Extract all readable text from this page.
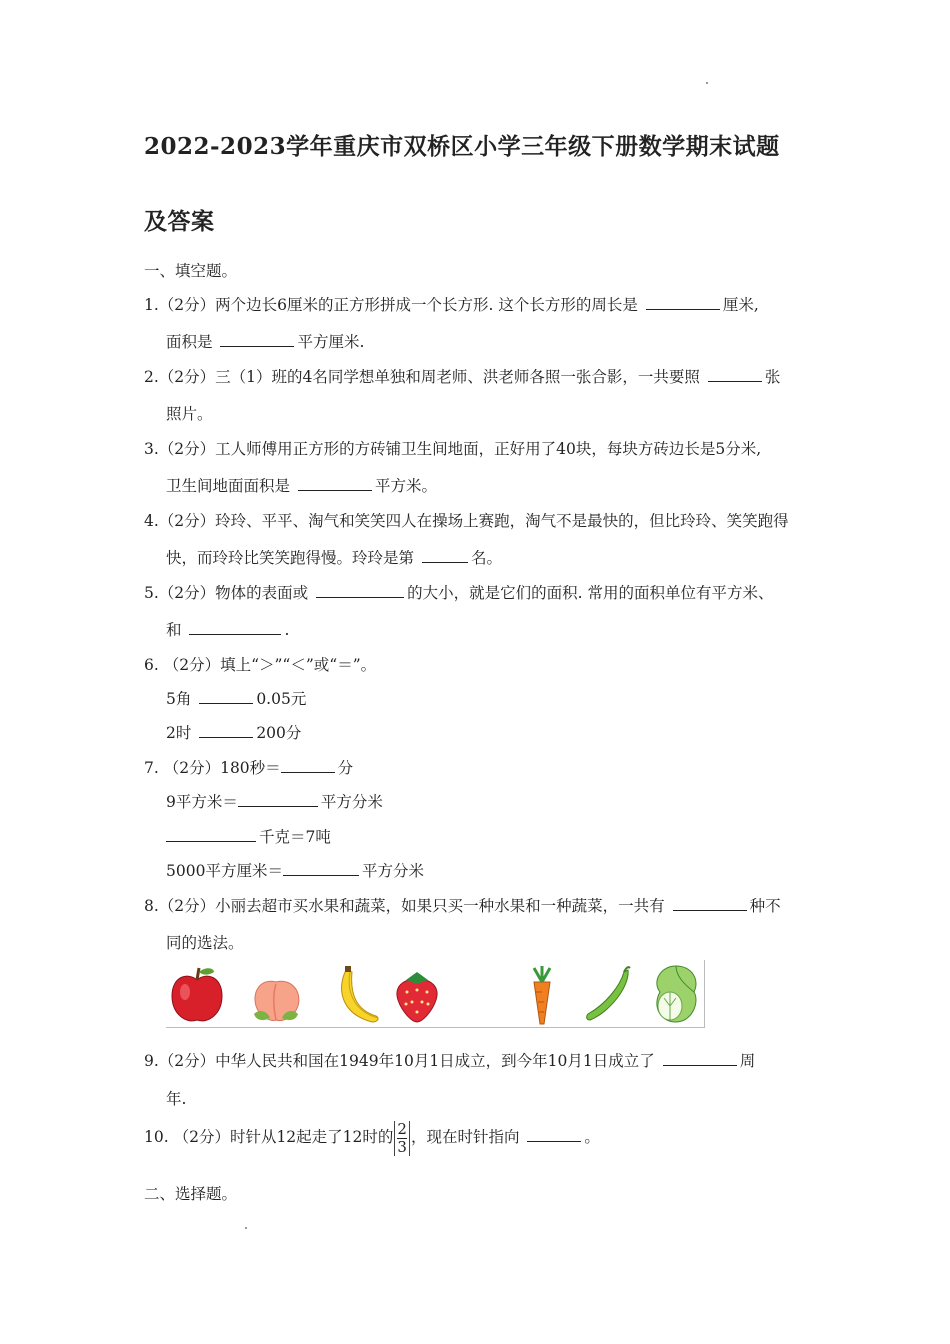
2022-2023学年重庆市双桥区小学三年级下册数学期末试题
及答案
一、填空题。
1.（2分）两个边长6厘米的正方形拼成一个长方形. 这个长方形的周长是	厘米,
面积是	平方厘米.
2.（2分）三（1）班的4名同学想单独和周老师、洪老师各照一张合影，一共要照	张
照片。
3.（2分）工人师傅用正方形的方砖铺卫生间地面，正好用了40块，每块方砖边长是5分米,
卫生间地面面积是	平方米。
4.（2分）玲玲、平平、淘气和笑笑四人在操场上赛跑，淘气不是最快的，但比玲玲、笑笑跑得
快，而玲玲比笑笑跑得慢。玲玲是第	名。
5.（2分）物体的表面或	的大小，就是它们的面积. 常用的面积单位有平方米、
和	.
6. （2分）填上“＞”“＜”或“＝”。
5角	0.05元
2时	200分
7. （2分）180秒＝	分
9平方米＝	平方分米
千克＝7吨
5000平方厘米＝	平方分米
8.（2分）小丽去超市买水果和蔬菜，如果只买一种水果和一种蔬菜，一共有	种不
同的选法。
9.（2分）中华人民共和国在1949年10月1日成立，到今年10月1日成立了	周
年.
10. （2分）时针从12起走了12时的 $\frac{2}{3}$ ，现在时针指向	。
二、选择题。
